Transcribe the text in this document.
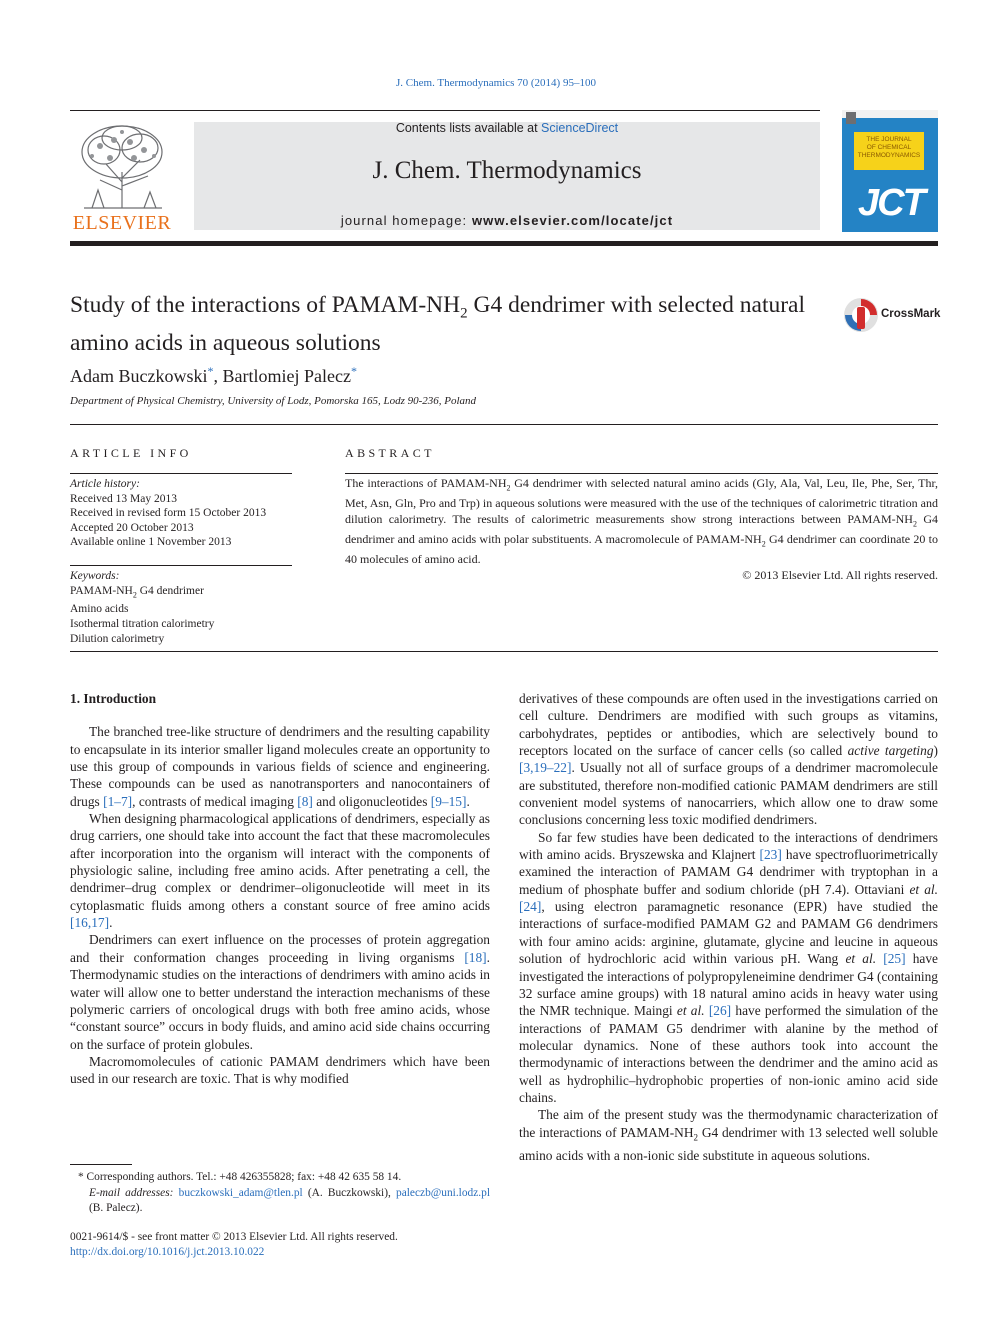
J. Chem. Thermodynamics 70 (2014) 95–100
ELSEVIER
Contents lists available at ScienceDirect
J. Chem. Thermodynamics
journal homepage: www.elsevier.com/locate/jct
THE JOURNAL
OF CHEMICAL
THERMODYNAMICS
JCT
Study of the interactions of PAMAM-$NH_2$ G4 dendrimer with selected natural amino acids in aqueous solutions
CrossMark
Adam Buczkowski*, Bartlomiej Palecz*
Department of Physical Chemistry, University of Lodz, Pomorska 165, Lodz 90-236, Poland
ARTICLE INFO	ABSTRACT
Article history:
Received 13 May 2013
Received in revised form 15 October 2013
Accepted 20 October 2013
Available online 1 November 2013
Keywords:
PAMAM-$NH_2$ G4 dendrimer
Amino acids
Isothermal titration calorimetry
Dilution calorimetry
The interactions of PAMAM-$NH_2$ G4 dendrimer with selected natural amino acids (Gly, Ala, Val, Leu, Ile, Phe, Ser, Thr, Met, Asn, Gln, Pro and Trp) in aqueous solutions were measured with the use of the techniques of calorimetric titration and dilution calorimetry. The results of calorimetric measurements show strong interactions between PAMAM-$NH_2$ G4 dendrimer and amino acids with polar substituents. A macromolecule of PAMAM-$NH_2$ G4 dendrimer can coordinate 20 to 40 molecules of amino acid.
© 2013 Elsevier Ltd. All rights reserved.

1. Introduction

The branched tree-like structure of dendrimers and the resulting capability to encapsulate in its interior smaller ligand molecules create an opportunity to use this group of compounds in various fields of science and engineering. These compounds can be used as nanotransporters and nanocontainers of drugs [1–7], contrasts of medical imaging [8] and oligonucleotides [9–15].

When designing pharmacological applications of dendrimers, especially as drug carriers, one should take into account the fact that these macromolecules after incorporation into the organism will interact with the components of physiologic saline, including free amino acids. After penetrating a cell, the dendrimer–drug complex or dendrimer–oligonucleotide will meet in its cytoplasmatic fluids among others a constant source of free amino acids [16,17].

Dendrimers can exert influence on the processes of protein aggregation and their conformation changes proceeding in living organisms [18]. Thermodynamic studies on the interactions of dendrimers with amino acids in water will allow one to better understand the interaction mechanisms of these polymeric carriers of oncological drugs with both free amino acids, whose “constant source” occurs in body fluids, and amino acid side chains occurring on the surface of protein globules.

Macromomolecules of cationic PAMAM dendrimers which have been used in our research are toxic. That is why modified

derivatives of these compounds are often used in the investigations carried on cell culture. Dendrimers are modified with such groups as vitamins, carbohydrates, peptides or antibodies, which are selectively bound to receptors located on the surface of cancer cells (so called active targeting) [3,19–22]. Usually not all of surface groups of a dendrimer macromolecule are substituted, therefore non-modified cationic PAMAM dendrimers are still convenient model systems of nanocarriers, which allow one to draw some conclusions concerning less toxic modified dendrimers.

So far few studies have been dedicated to the interactions of dendrimers with amino acids. Bryszewska and Klajnert [23] have spectrofluorimetrically examined the interaction of PAMAM G4 dendrimer with tryptophan in a medium of phosphate buffer and sodium chloride (pH 7.4). Ottaviani et al. [24], using electron paramagnetic resonance (EPR) have studied the interactions of surface-modified PAMAM G2 and PAMAM G6 dendrimers with four amino acids: arginine, glutamate, glycine and leucine in aqueous solution of hydrochloric acid within various pH. Wang et al. [25] have investigated the interactions of polypropyleneimine dendrimer G4 (containing 32 surface amine groups) with 18 natural amino acids in heavy water using the NMR technique. Maingi et al. [26] have performed the simulation of the interactions of PAMAM G5 dendrimer with alanine by the method of molecular dynamics. None of these authors took into account the thermodynamic of interactions between the dendrimer and the amino acid as well as hydrophilic–hydrophobic properties of non-ionic amino acid side chains.

The aim of the present study was the thermodynamic characterization of the interactions of PAMAM-$NH_2$ G4 dendrimer with 13 selected well soluble amino acids with a non-ionic side substitute in aqueous solutions.

* Corresponding authors. Tel.: +48 426355828; fax: +48 42 635 58 14.

E-mail addresses: buczkowski_adam@tlen.pl (A. Buczkowski), paleczb@uni.lodz.pl (B. Palecz).

0021-9614/$ - see front matter © 2013 Elsevier Ltd. All rights reserved.
http://dx.doi.org/10.1016/j.jct.2013.10.022
